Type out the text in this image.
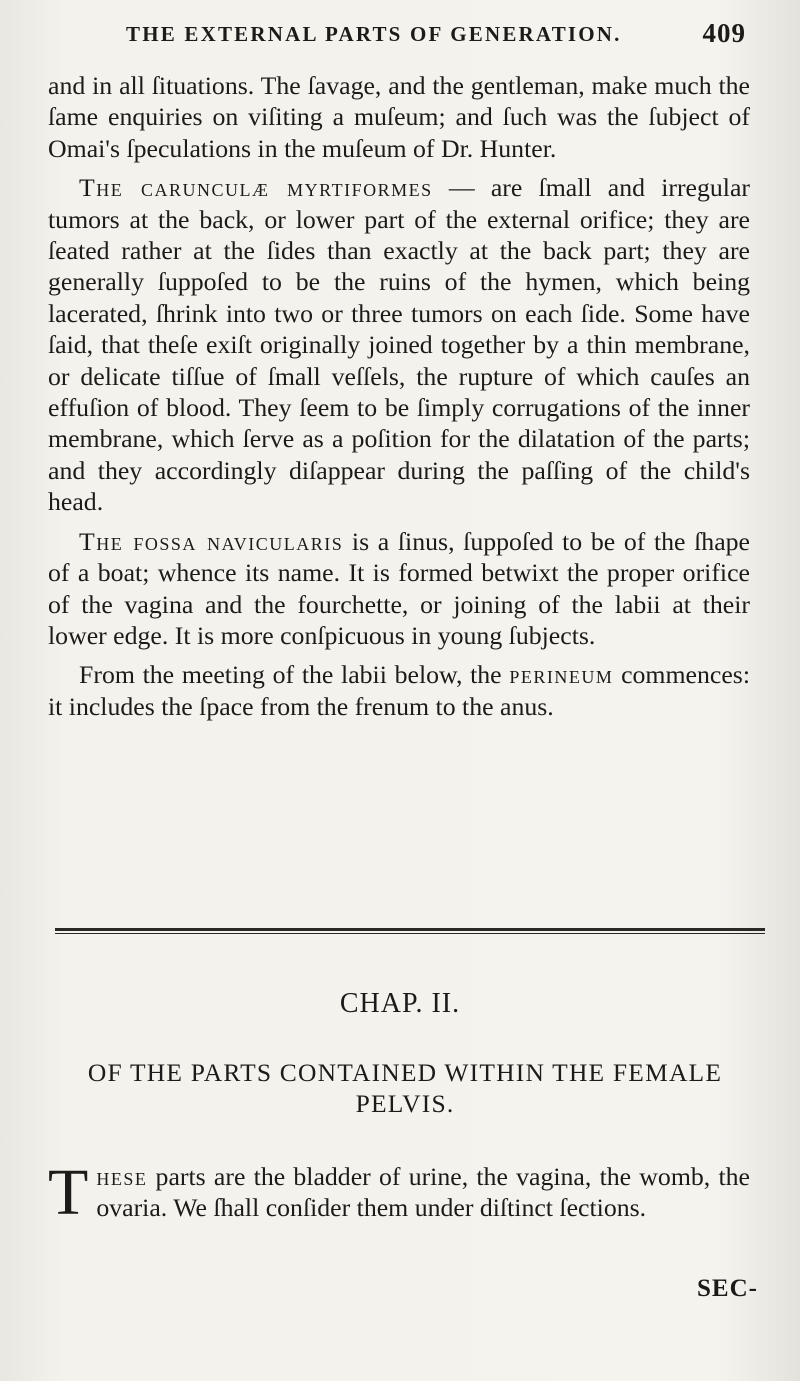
THE EXTERNAL PARTS OF GENERATION.	409

and in all ſituations. The ſavage, and the gentleman, make much the ſame enquiries on viſiting a muſeum; and ſuch was the ſubject of Omai's ſpeculations in the muſeum of Dr. Hunter.

The carunculæ myrtiformes — are ſmall and irregular tumors at the back, or lower part of the external orifice; they are ſeated rather at the ſides than exactly at the back part; they are generally ſuppoſed to be the ruins of the hymen, which being lacerated, ſhrink into two or three tumors on each ſide. Some have ſaid, that theſe exiſt originally joined together by a thin membrane, or delicate tiſſue of ſmall veſſels, the rupture of which cauſes an effuſion of blood. They ſeem to be ſimply corrugations of the inner membrane, which ſerve as a poſition for the dilatation of the parts; and they accordingly diſappear during the paſſing of the child's head.

The fossa navicularis is a ſinus, ſuppoſed to be of the ſhape of a boat; whence its name. It is formed betwixt the proper orifice of the vagina and the fourchette, or joining of the labii at their lower edge. It is more conſpicuous in young ſubjects.

From the meeting of the labii below, the perineum commences: it includes the ſpace from the frenum to the anus.

CHAP. II.
OF THE PARTS CONTAINED WITHIN THE FEMALE PELVIS.

These parts are the bladder of urine, the vagina, the womb, the ovaria. We ſhall conſider them under diſtinct ſections.

SEC-
